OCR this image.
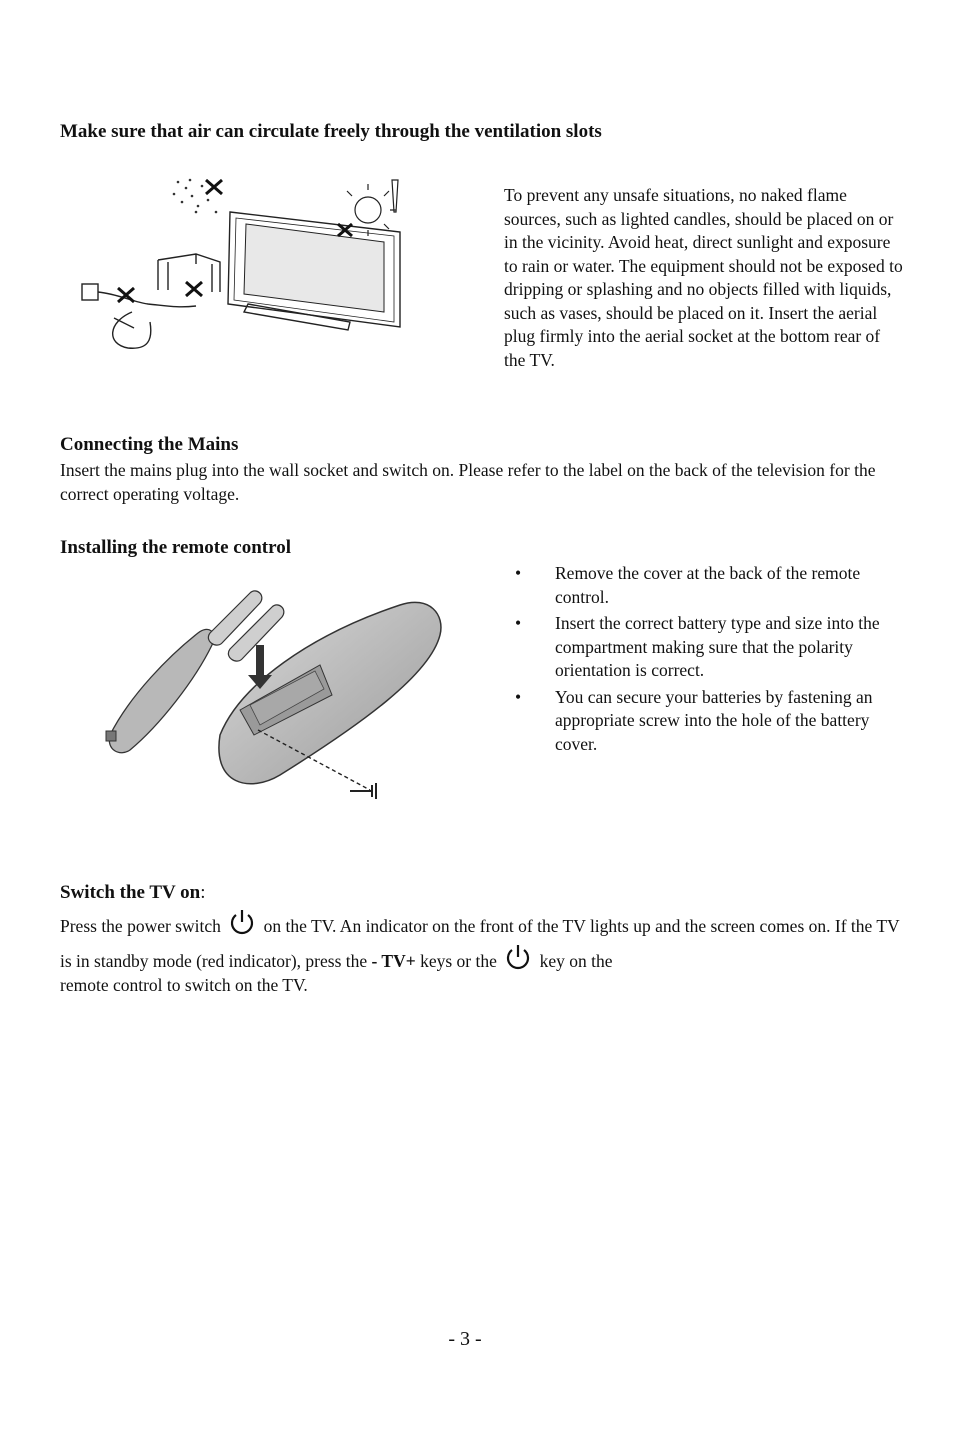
Make sure that air can circulate freely through the ventilation slots
To prevent any unsafe situations, no naked flame sources, such as lighted candles, should be placed on or in the vicinity. Avoid heat, direct sunlight and exposure to rain or water. The equipment should not be exposed to dripping or splashing and no objects filled with liquids, such as vases, should be placed on it. Insert the aerial plug firmly into the aerial socket at the bottom rear of the TV.
Connecting the Mains
Insert the mains plug into the wall socket and switch on. Please refer to the label on the back of the television for the correct operating voltage.
Installing the remote control
• Remove the cover at the back of the remote control.
• Insert the correct battery type and size into the compartment making sure that the polarity orientation is correct.
• You can secure your batteries by fastening an appropriate screw into the hole of the battery cover.
Switch the TV on:
Press the power switch  on the TV. An indicator on the front of the TV lights up and the screen comes on. If the TV is in standby mode (red indicator), press the - TV+ keys or the  key on the
remote control to switch on the TV.
- 3 -
